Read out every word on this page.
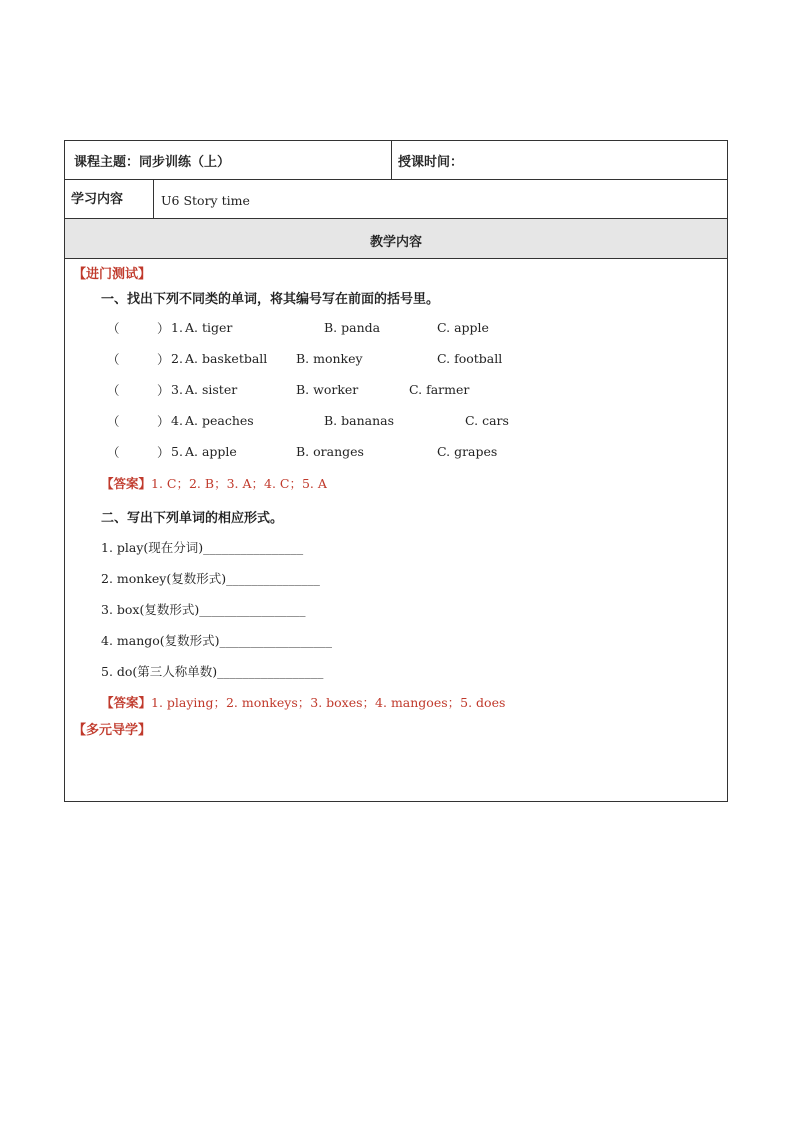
课程主题：同步训练（上）	授课时间：
学习内容	U6 Story time
教学内容
【进门测试】
一、找出下列不同类的单词，将其编号写在前面的括号里。
（	） 1. A. tiger	B. panda	C. apple
（	） 2. A. basketball B. monkey	C. football
（	） 3. A. sister	B. worker	C. farmer
（	） 4. A. peaches	B. bananas	C. cars
（	） 5. A. apple	B. oranges	C. grapes
【答案】1. C；2. B；3. A；4. C；5. A
二、写出下列单词的相应形式。
1. play(现在分词)________________
2. monkey(复数形式)_______________
3. box(复数形式)_________________
4. mango(复数形式)__________________
5. do(第三人称单数)_________________
【答案】1. playing；2. monkeys；3. boxes；4. mangoes；5. does
【多元导学】
